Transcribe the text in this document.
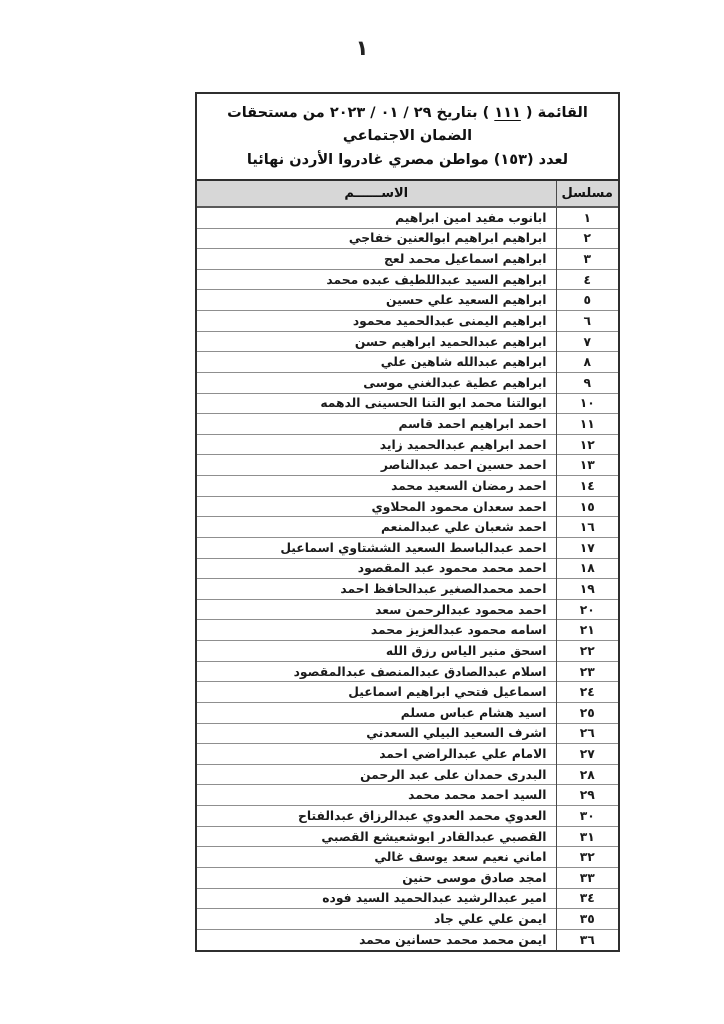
١
القائمة ( ١١١ ) بتاريخ ٢٩ / ٠١ / ٢٠٢٣ من مستحقات الضمان الاجتماعي
لعدد (١٥٣) مواطن مصري غادروا الأردن نهائيا
مسلسل	الاســــــم
١	ابانوب مفيد امين ابراهيم
٢	ابراهيم ابراهيم ابوالعنين خفاجي
٣	ابراهيم اسماعيل محمد لعج
٤	ابراهيم السيد عبداللطيف عبده محمد
٥	ابراهيم السعيد علي حسين
٦	ابراهيم اليمنى عبدالحميد محمود
٧	ابراهيم عبدالحميد ابراهيم حسن
٨	ابراهيم عبدالله شاهين علي
٩	ابراهيم عطية عبدالغني موسى
١٠	ابوالتنا محمد ابو التنا الحسينى الدهمه
١١	احمد ابراهيم احمد قاسم
١٢	احمد ابراهيم عبدالحميد زايد
١٣	احمد حسين احمد عبدالناصر
١٤	احمد رمضان السعيد محمد
١٥	احمد سعدان محمود المحلاوي
١٦	احمد شعبان علي عبدالمنعم
١٧	احمد عبدالباسط السعيد الششتاوي اسماعيل
١٨	احمد محمد محمود عبد المقصود
١٩	احمد محمدالصغير عبدالحافظ احمد
٢٠	احمد محمود عبدالرحمن سعد
٢١	اسامه محمود عبدالعزيز محمد
٢٢	اسحق منير الياس رزق الله
٢٣	اسلام عبدالصادق عبدالمنصف عبدالمقصود
٢٤	اسماعيل فتحي ابراهيم اسماعيل
٢٥	اسيد هشام عباس مسلم
٢٦	اشرف السعيد البيلي السعدني
٢٧	الامام علي عبدالراضي احمد
٢٨	البدرى حمدان على عبد الرحمن
٢٩	السيد احمد محمد محمد
٣٠	العدوي محمد العدوي عبدالرزاق عبدالفتاح
٣١	القصبي عبدالقادر ابوشعيشع القصبي
٣٢	اماني نعيم سعد يوسف غالي
٣٣	امجد صادق موسى حنين
٣٤	امير عبدالرشيد عبدالحميد السيد فوده
٣٥	ايمن علي علي جاد
٣٦	ايمن محمد محمد حسانين محمد
